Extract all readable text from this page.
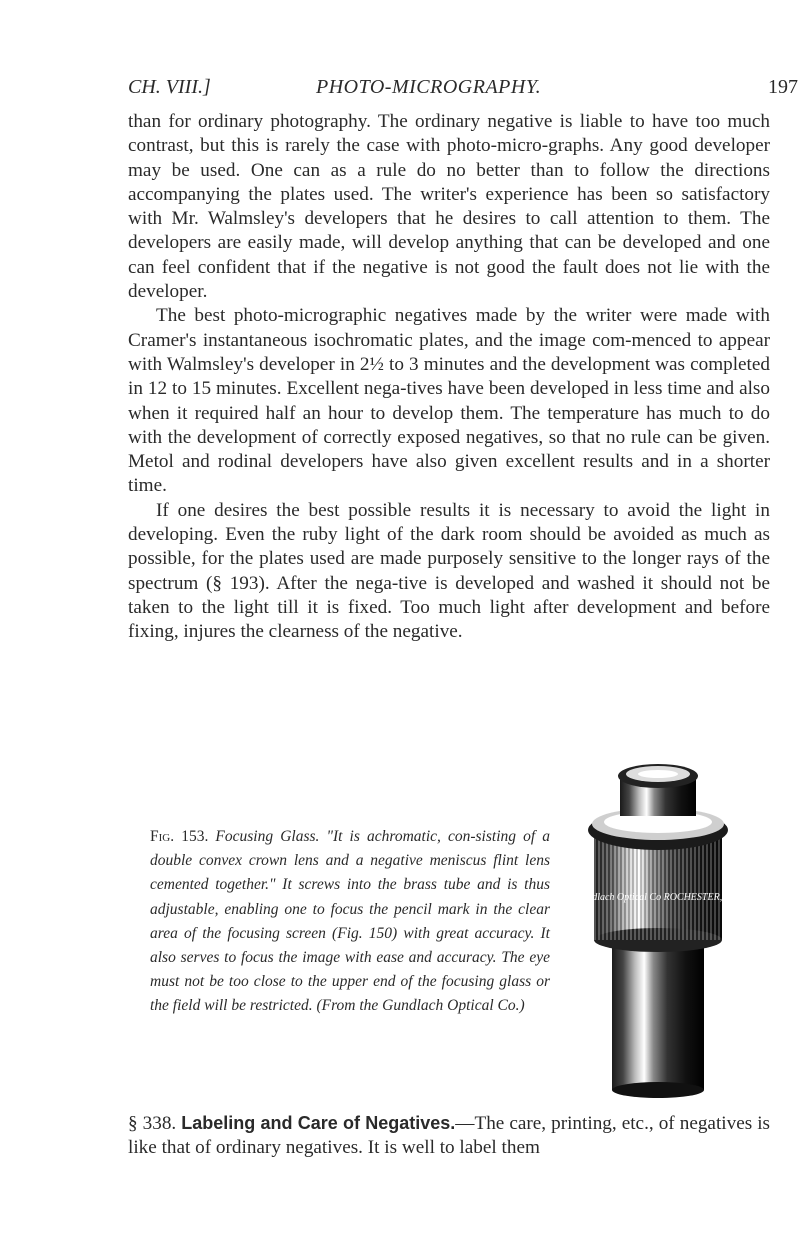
CH. VIII.]	PHOTO-MICROGRAPHY.	197

than for ordinary photography. The ordinary negative is liable to have too much contrast, but this is rarely the case with photo-micro-graphs. Any good developer may be used. One can as a rule do no better than to follow the directions accompanying the plates used. The writer's experience has been so satisfactory with Mr. Walmsley's developers that he desires to call attention to them. The developers are easily made, will develop anything that can be developed and one can feel confident that if the negative is not good the fault does not lie with the developer.

The best photo-micrographic negatives made by the writer were made with Cramer's instantaneous isochromatic plates, and the image com-menced to appear with Walmsley's developer in 2½ to 3 minutes and the development was completed in 12 to 15 minutes. Excellent nega-tives have been developed in less time and also when it required half an hour to develop them. The temperature has much to do with the development of correctly exposed negatives, so that no rule can be given. Metol and rodinal developers have also given excellent results and in a shorter time.

If one desires the best possible results it is necessary to avoid the light in developing. Even the ruby light of the dark room should be avoided as much as possible, for the plates used are made purposely sensitive to the longer rays of the spectrum (§ 193). After the nega-tive is developed and washed it should not be taken to the light till it is fixed. Too much light after development and before fixing, injures the clearness of the negative.

Fig. 153. Focusing Glass. "It is achromatic, con-sisting of a double convex crown lens and a negative meniscus flint lens cemented together." It screws into the brass tube and is thus adjustable, enabling one to focus the pencil mark in the clear area of the focusing screen (Fig. 150) with great accuracy. It also serves to focus the image with ease and accuracy. The eye must not be too close to the upper end of the focusing glass or the field will be restricted. (From the Gundlach Optical Co.)
Gundlach Optical Co ROCHESTER, N.Y.
§ 338. Labeling and Care of Negatives.—The care, printing, etc., of negatives is like that of ordinary negatives. It is well to label them
